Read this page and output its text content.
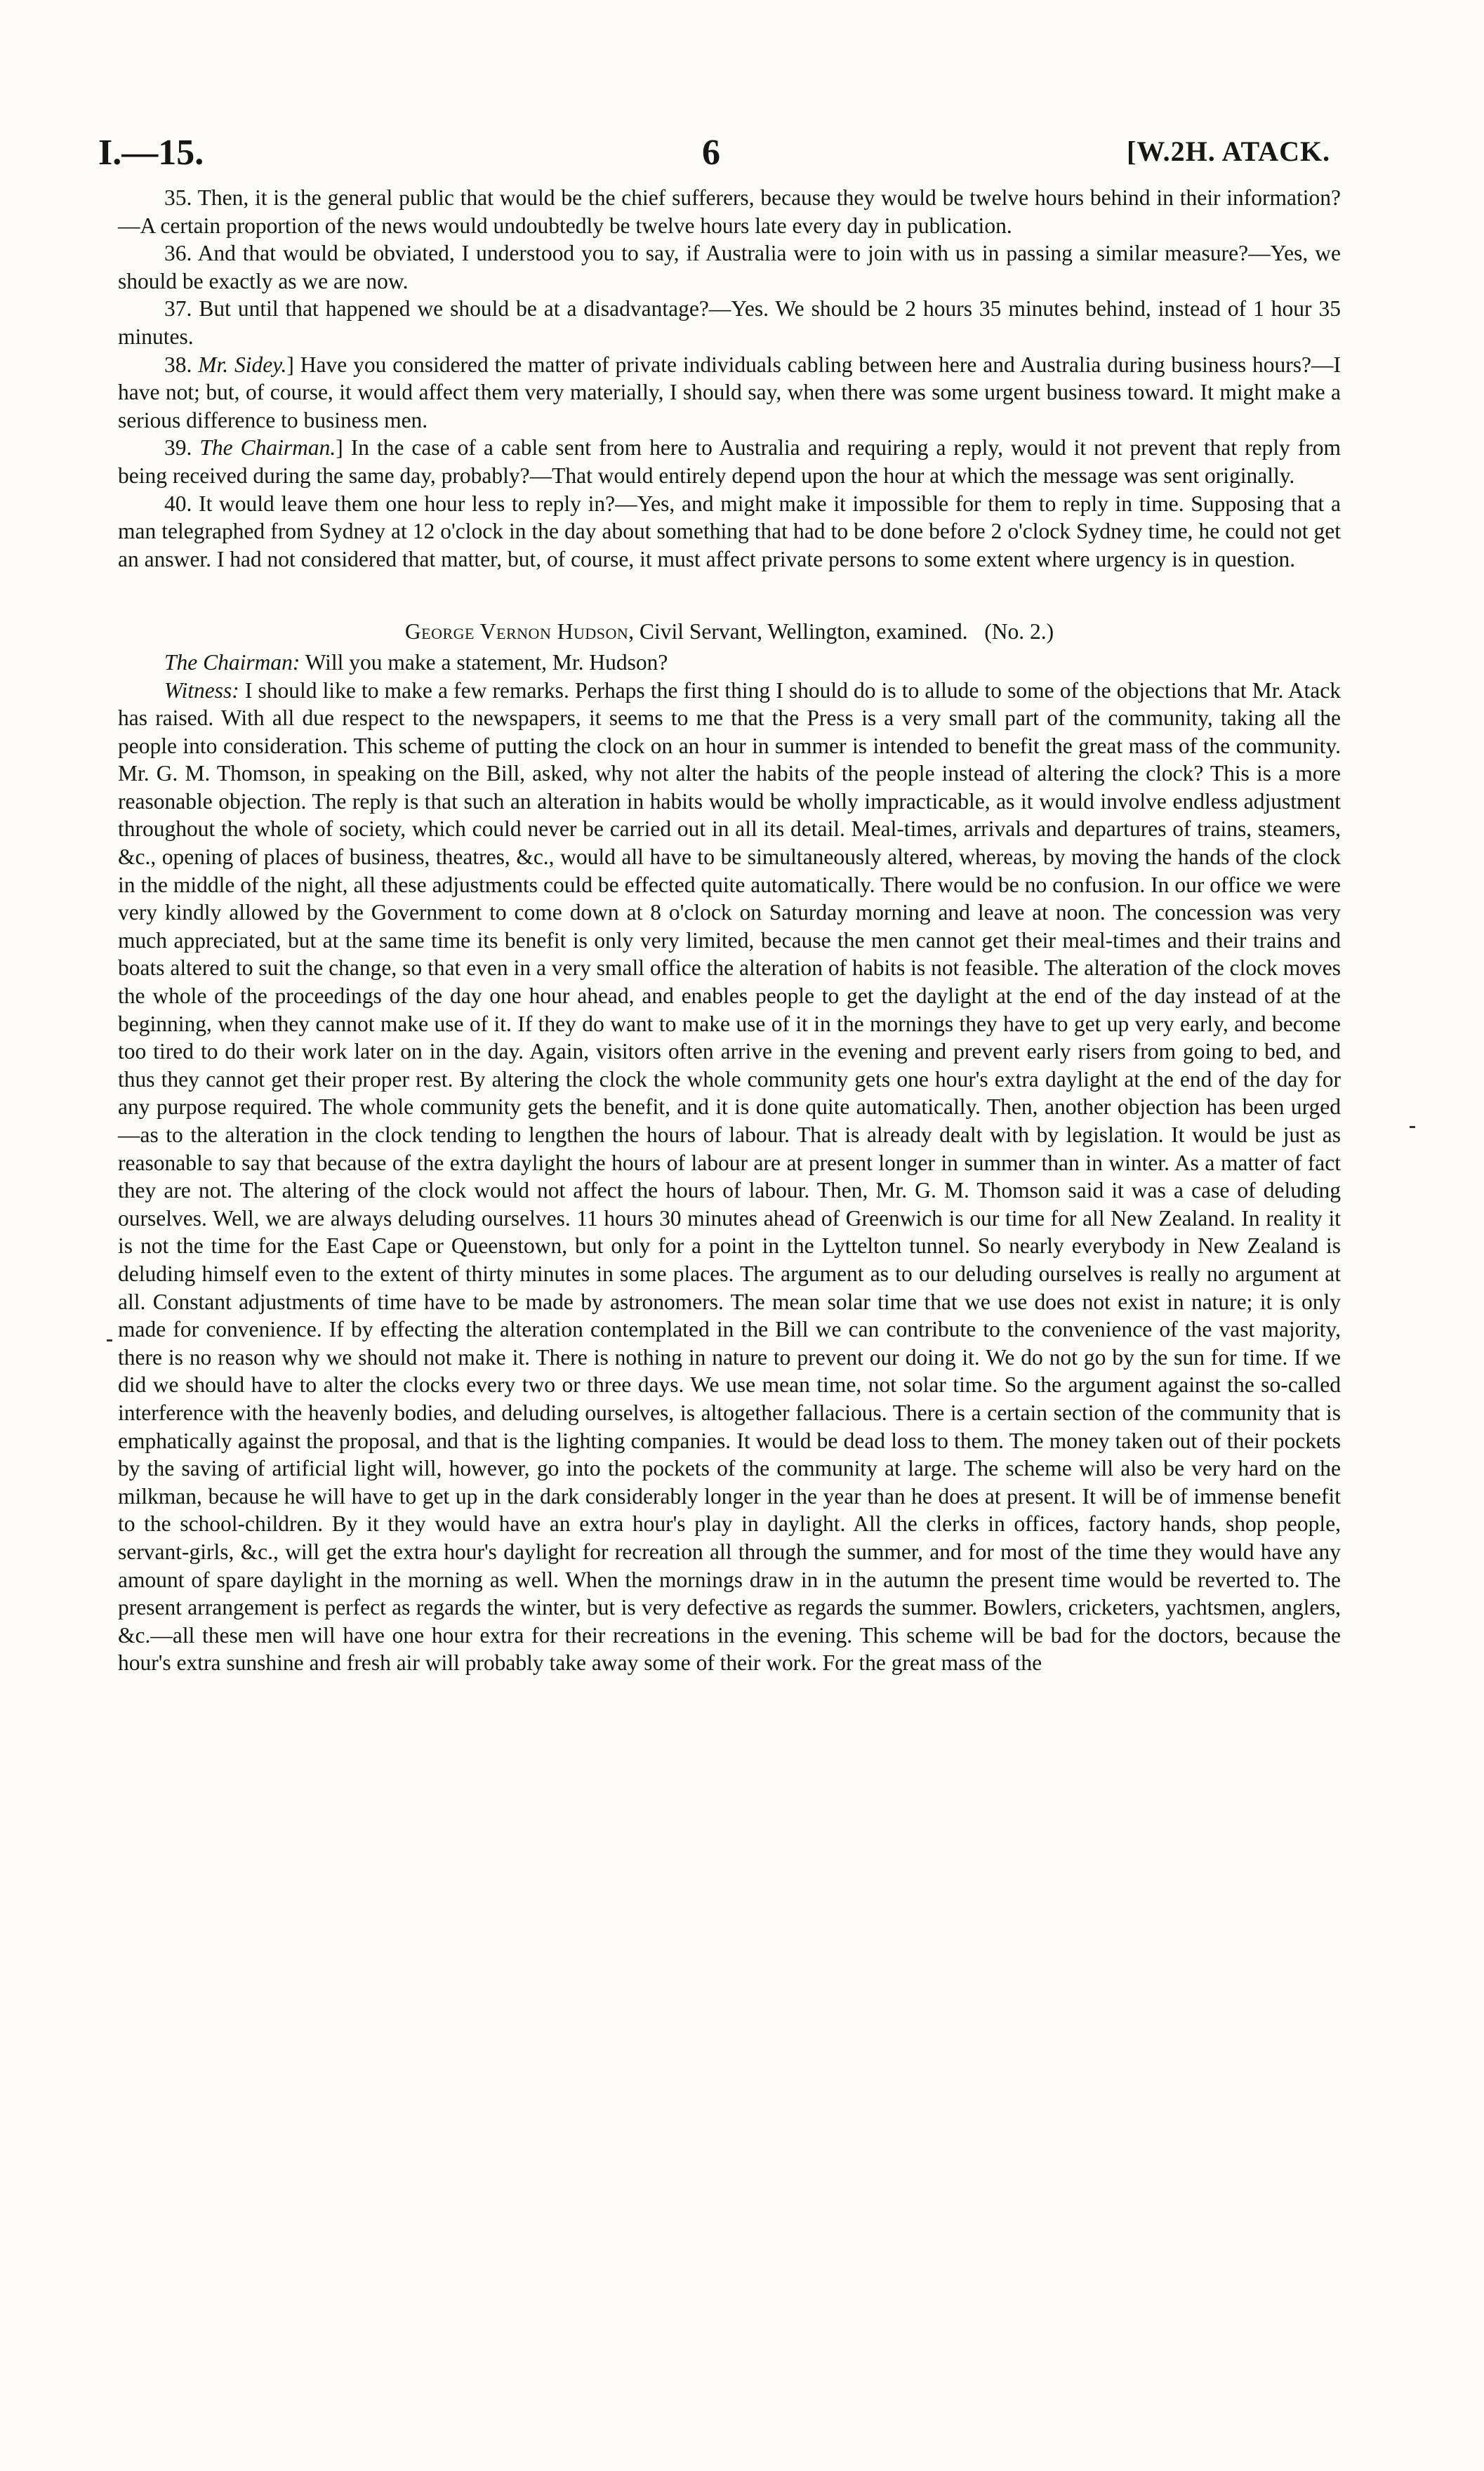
I.—15.	6	[W.2H. ATACK.

35. Then, it is the general public that would be the chief sufferers, because they would be twelve hours behind in their information?—A certain proportion of the news would undoubtedly be twelve hours late every day in publication.

36. And that would be obviated, I understood you to say, if Australia were to join with us in passing a similar measure?—Yes, we should be exactly as we are now.

37. But until that happened we should be at a disadvantage?—Yes. We should be 2 hours 35 minutes behind, instead of 1 hour 35 minutes.

38. Mr. Sidey.] Have you considered the matter of private individuals cabling between here and Australia during business hours?—I have not; but, of course, it would affect them very materially, I should say, when there was some urgent business toward. It might make a serious difference to business men.

39. The Chairman.] In the case of a cable sent from here to Australia and requiring a reply, would it not prevent that reply from being received during the same day, probably?—That would entirely depend upon the hour at which the message was sent originally.

40. It would leave them one hour less to reply in?—Yes, and might make it impossible for them to reply in time. Supposing that a man telegraphed from Sydney at 12 o'clock in the day about something that had to be done before 2 o'clock Sydney time, he could not get an answer. I had not considered that matter, but, of course, it must affect private persons to some extent where urgency is in question.

George Vernon Hudson, Civil Servant, Wellington, examined. (No. 2.)

The Chairman: Will you make a statement, Mr. Hudson?

Witness: I should like to make a few remarks. Perhaps the first thing I should do is to allude to some of the objections that Mr. Atack has raised. With all due respect to the newspapers, it seems to me that the Press is a very small part of the community, taking all the people into consideration. This scheme of putting the clock on an hour in summer is intended to benefit the great mass of the community. Mr. G. M. Thomson, in speaking on the Bill, asked, why not alter the habits of the people instead of altering the clock? This is a more reasonable objection. The reply is that such an alteration in habits would be wholly impracticable, as it would involve endless adjustment throughout the whole of society, which could never be carried out in all its detail. Meal-times, arrivals and departures of trains, steamers, &c., opening of places of business, theatres, &c., would all have to be simultaneously altered, whereas, by moving the hands of the clock in the middle of the night, all these adjustments could be effected quite automatically. There would be no confusion. In our office we were very kindly allowed by the Government to come down at 8 o'clock on Saturday morning and leave at noon. The concession was very much appreciated, but at the same time its benefit is only very limited, because the men cannot get their meal-times and their trains and boats altered to suit the change, so that even in a very small office the alteration of habits is not feasible. The alteration of the clock moves the whole of the proceedings of the day one hour ahead, and enables people to get the daylight at the end of the day instead of at the beginning, when they cannot make use of it. If they do want to make use of it in the mornings they have to get up very early, and become too tired to do their work later on in the day. Again, visitors often arrive in the evening and prevent early risers from going to bed, and thus they cannot get their proper rest. By altering the clock the whole community gets one hour's extra daylight at the end of the day for any purpose required. The whole community gets the benefit, and it is done quite automatically. Then, another objection has been urged—as to the alteration in the clock tending to lengthen the hours of labour. That is already dealt with by legislation. It would be just as reasonable to say that because of the extra daylight the hours of labour are at present longer in summer than in winter. As a matter of fact they are not. The altering of the clock would not affect the hours of labour. Then, Mr. G. M. Thomson said it was a case of deluding ourselves. Well, we are always deluding ourselves. 11 hours 30 minutes ahead of Greenwich is our time for all New Zealand. In reality it is not the time for the East Cape or Queenstown, but only for a point in the Lyttelton tunnel. So nearly everybody in New Zealand is deluding himself even to the extent of thirty minutes in some places. The argument as to our deluding ourselves is really no argument at all. Constant adjustments of time have to be made by astronomers. The mean solar time that we use does not exist in nature; it is only made for convenience. If by effecting the alteration contemplated in the Bill we can contribute to the convenience of the vast majority, there is no reason why we should not make it. There is nothing in nature to prevent our doing it. We do not go by the sun for time. If we did we should have to alter the clocks every two or three days. We use mean time, not solar time. So the argument against the so-called interference with the heavenly bodies, and deluding ourselves, is altogether fallacious. There is a certain section of the community that is emphatically against the proposal, and that is the lighting companies. It would be dead loss to them. The money taken out of their pockets by the saving of artificial light will, however, go into the pockets of the community at large. The scheme will also be very hard on the milkman, because he will have to get up in the dark considerably longer in the year than he does at present. It will be of immense benefit to the school-children. By it they would have an extra hour's play in daylight. All the clerks in offices, factory hands, shop people, servant-girls, &c., will get the extra hour's daylight for recreation all through the summer, and for most of the time they would have any amount of spare daylight in the morning as well. When the mornings draw in in the autumn the present time would be reverted to. The present arrangement is perfect as regards the winter, but is very defective as regards the summer. Bowlers, cricketers, yachtsmen, anglers, &c.—all these men will have one hour extra for their recreations in the evening. This scheme will be bad for the doctors, because the hour's extra sunshine and fresh air will probably take away some of their work. For the great mass of the
